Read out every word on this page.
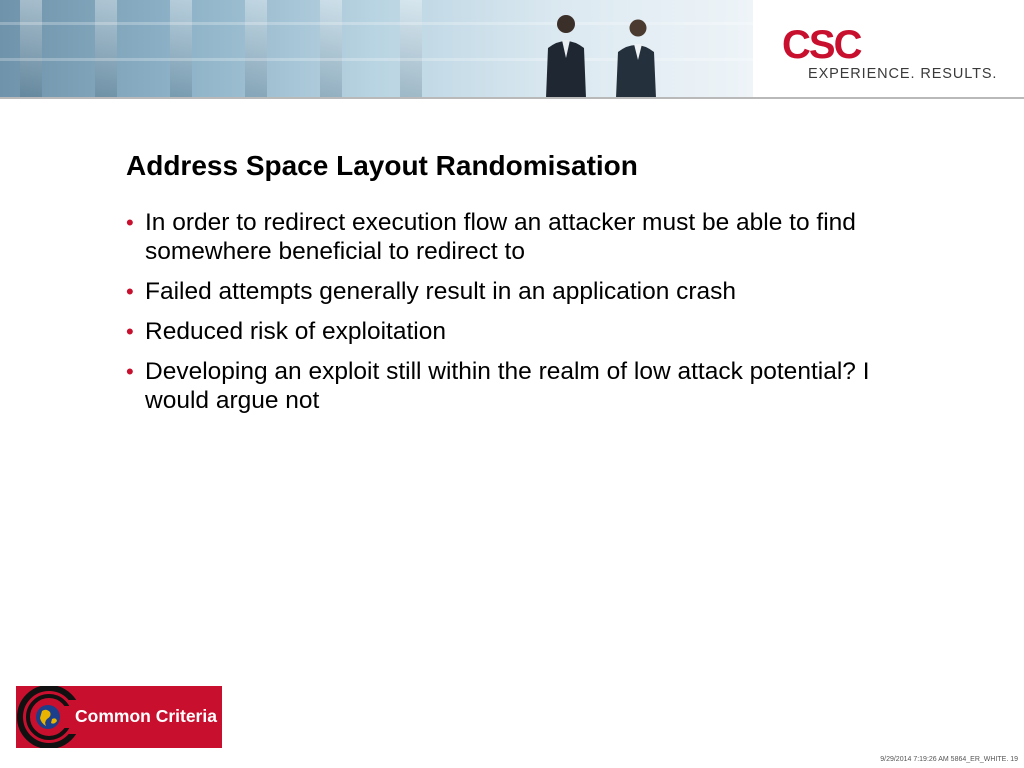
CSC
EXPERIENCE. RESULTS.
Address Space Layout Randomisation
• In order to redirect execution flow an attacker must be able to find somewhere beneficial to redirect to
• Failed attempts generally result in an application crash
• Reduced risk of exploitation
• Developing an exploit still within the realm of low attack potential? I would argue not
Common Criteria
9/29/2014 7:19:26 AM 5864_ER_WHITE. 19
